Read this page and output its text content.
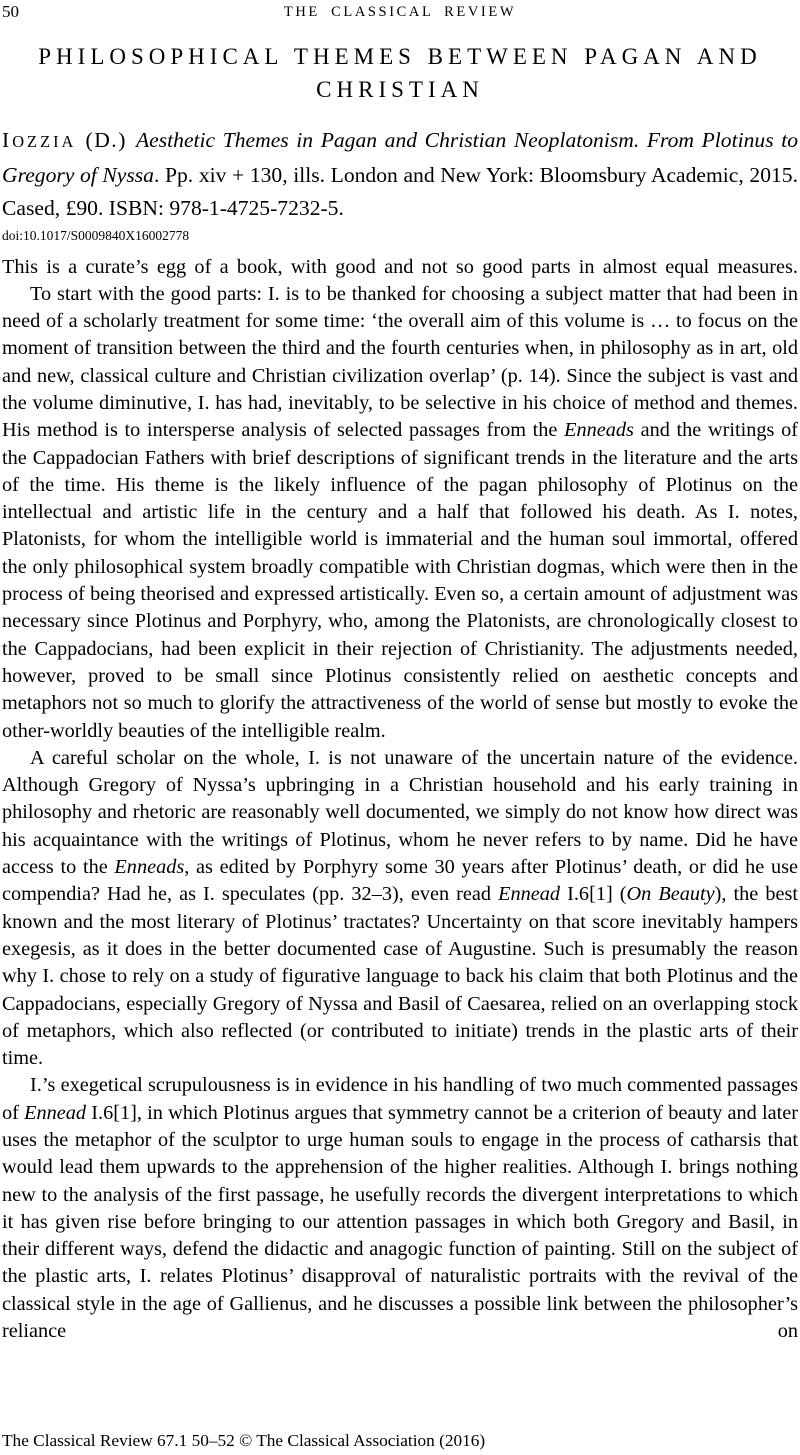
50	THE CLASSICAL REVIEW
PHILOSOPHICAL THEMES BETWEEN PAGAN AND
CHRISTIAN

IOZZIA (D.) Aesthetic Themes in Pagan and Christian Neoplatonism. From Plotinus to Gregory of Nyssa. Pp. xiv + 130, ills. London and New York: Bloomsbury Academic, 2015. Cased, £90. ISBN: 978-1-4725-7232-5.

doi:10.1017/S0009840X16002778

This is a curate’s egg of a book, with good and not so good parts in almost equal measures.

To start with the good parts: I. is to be thanked for choosing a subject matter that had been in need of a scholarly treatment for some time: ‘the overall aim of this volume is … to focus on the moment of transition between the third and the fourth centuries when, in philosophy as in art, old and new, classical culture and Christian civilization overlap’ (p. 14). Since the subject is vast and the volume diminutive, I. has had, inevitably, to be selective in his choice of method and themes. His method is to intersperse analysis of selected passages from the Enneads and the writings of the Cappadocian Fathers with brief descriptions of significant trends in the literature and the arts of the time. His theme is the likely influence of the pagan philosophy of Plotinus on the intellectual and artistic life in the century and a half that followed his death. As I. notes, Platonists, for whom the intelligible world is immaterial and the human soul immortal, offered the only philosophical system broadly compatible with Christian dogmas, which were then in the process of being theorised and expressed artistically. Even so, a certain amount of adjustment was necessary since Plotinus and Porphyry, who, among the Platonists, are chronologically closest to the Cappadocians, had been explicit in their rejection of Christianity. The adjustments needed, however, proved to be small since Plotinus consistently relied on aesthetic concepts and metaphors not so much to glorify the attractiveness of the world of sense but mostly to evoke the other-worldly beauties of the intelligible realm.

A careful scholar on the whole, I. is not unaware of the uncertain nature of the evidence. Although Gregory of Nyssa’s upbringing in a Christian household and his early training in philosophy and rhetoric are reasonably well documented, we simply do not know how direct was his acquaintance with the writings of Plotinus, whom he never refers to by name. Did he have access to the Enneads, as edited by Porphyry some 30 years after Plotinus’ death, or did he use compendia? Had he, as I. speculates (pp. 32–3), even read Ennead I.6[1] (On Beauty), the best known and the most literary of Plotinus’ tractates? Uncertainty on that score inevitably hampers exegesis, as it does in the better documented case of Augustine. Such is presumably the reason why I. chose to rely on a study of figurative language to back his claim that both Plotinus and the Cappadocians, especially Gregory of Nyssa and Basil of Caesarea, relied on an overlapping stock of metaphors, which also reflected (or contributed to initiate) trends in the plastic arts of their time.

I.’s exegetical scrupulousness is in evidence in his handling of two much commented passages of Ennead I.6[1], in which Plotinus argues that symmetry cannot be a criterion of beauty and later uses the metaphor of the sculptor to urge human souls to engage in the process of catharsis that would lead them upwards to the apprehension of the higher realities. Although I. brings nothing new to the analysis of the first passage, he usefully records the divergent interpretations to which it has given rise before bringing to our attention passages in which both Gregory and Basil, in their different ways, defend the didactic and anagogic function of painting. Still on the subject of the plastic arts, I. relates Plotinus’ disapproval of naturalistic portraits with the revival of the classical style in the age of Gallienus, and he discusses a possible link between the philosopher’s reliance on

The Classical Review 67.1 50–52 © The Classical Association (2016)
